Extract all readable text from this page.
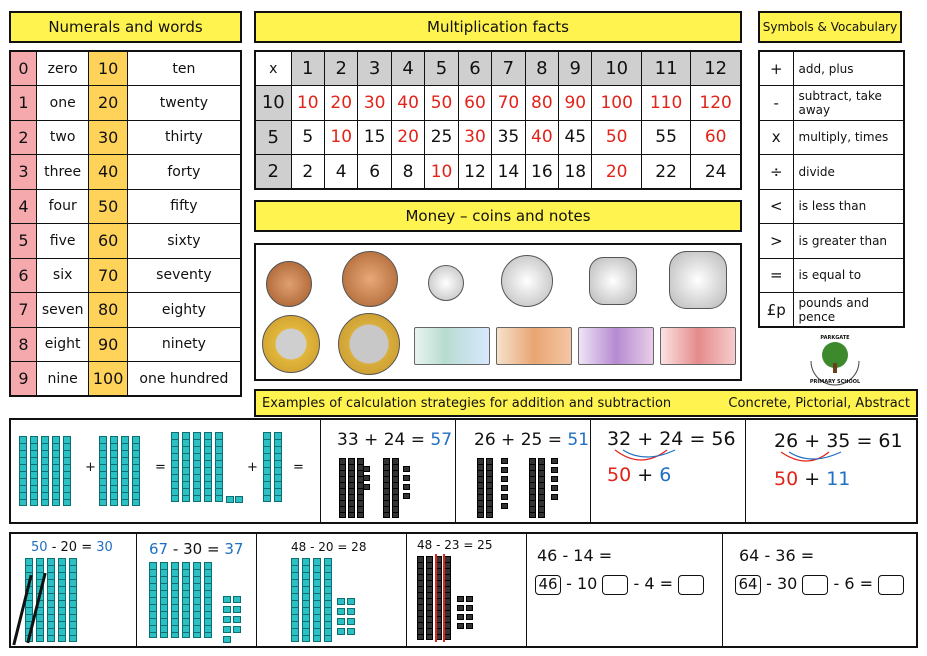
Numerals and words
0	zero	10	ten
1	one	20	twenty
2	two	30	thirty
3	three	40	forty
4	four	50	fifty
5	five	60	sixty
6	six	70	seventy
7	seven	80	eighty
8	eight	90	ninety
9	nine	100	one hundred
Multiplication facts
x	1	2	3	4	5	6	7	8	9	10	11	12
10	10	20	30	40	50	60	70	80	90	100	110	120
5	5	10	15	20	25	30	35	40	45	50	55	60
2	2	4	6	8	10	12	14	16	18	20	22	24
Symbols & Vocabulary
+	add, plus
-	subtract, take away
x	multiply, times
÷	divide
<	is less than
>	is greater than
=	is equal to
£p	pounds and pence
Money – coins and notes
PARKGATE
PRIMARY SCHOOL
Examples of calculation strategies for addition and subtraction	Concrete, Pictorial, Abstract
+	=	+	=
33 + 24 = 57 26 + 25 = 51 32 + 24 = 56
50 + 6
26 + 35 = 61
50 + 11
50 - 20 = 30 67 - 30 = 37	48 - 20 = 28	48 - 23 = 25
46 - 14 =
46 - 10 - 4 =
64 - 36 =
64 - 30 - 6 =
